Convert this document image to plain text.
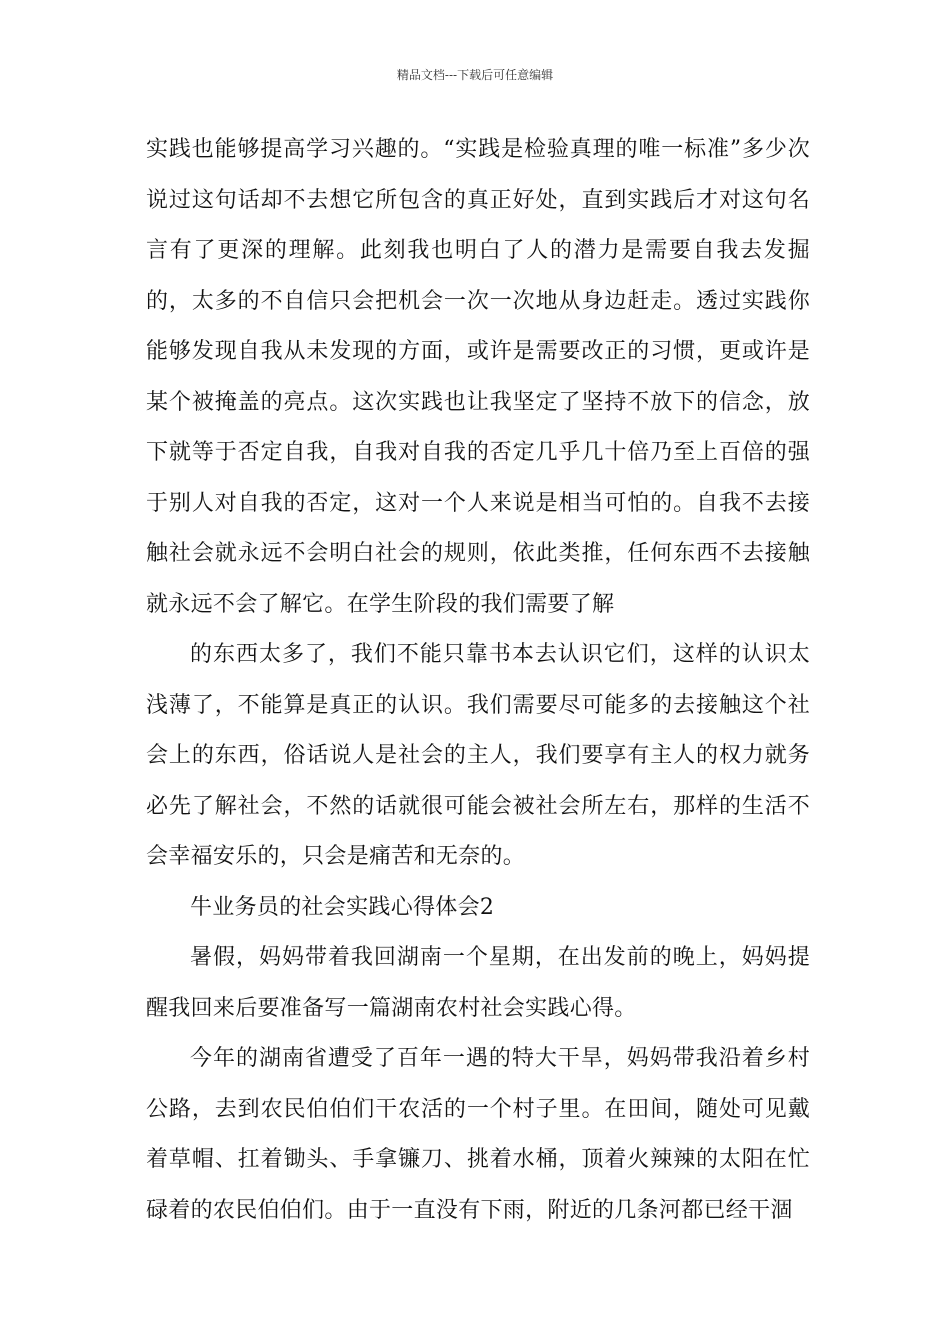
精品文档---下载后可任意编辑

实践也能够提高学习兴趣的。“实践是检验真理的唯一标准”多少次说过这句话却不去想它所包含的真正好处，直到实践后才对这句名言有了更深的理解。此刻我也明白了人的潜力是需要自我去发掘的，太多的不自信只会把机会一次一次地从身边赶走。透过实践你能够发现自我从未发现的方面，或许是需要改正的习惯，更或许是某个被掩盖的亮点。这次实践也让我坚定了坚持不放下的信念，放下就等于否定自我，自我对自我的否定几乎几十倍乃至上百倍的强于别人对自我的否定，这对一个人来说是相当可怕的。自我不去接触社会就永远不会明白社会的规则，依此类推，任何东西不去接触就永远不会了解它。在学生阶段的我们需要了解

的东西太多了，我们不能只靠书本去认识它们，这样的认识太浅薄了，不能算是真正的认识。我们需要尽可能多的去接触这个社会上的东西，俗话说人是社会的主人，我们要享有主人的权力就务必先了解社会，不然的话就很可能会被社会所左右，那样的生活不会幸福安乐的，只会是痛苦和无奈的。

牛业务员的社会实践心得体会2

暑假，妈妈带着我回湖南一个星期，在出发前的晚上，妈妈提醒我回来后要准备写一篇湖南农村社会实践心得。

今年的湖南省遭受了百年一遇的特大干旱，妈妈带我沿着乡村公路，去到农民伯伯们干农活的一个村子里。在田间，随处可见戴着草帽、扛着锄头、手拿镰刀、挑着水桶，顶着火辣辣的太阳在忙碌着的农民伯伯们。由于一直没有下雨，附近的几条河都已经干涸
